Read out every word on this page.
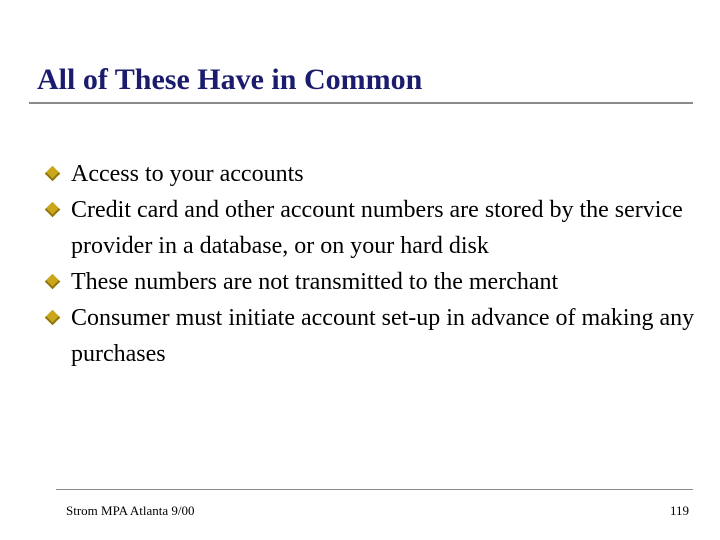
All of These Have in Common
Access to your accounts
Credit card and other account numbers are stored by the service provider in a database, or on your hard disk
These numbers are not transmitted to the merchant
Consumer must initiate account set-up in advance of making any purchases
Strom MPA Atlanta 9/00	119
